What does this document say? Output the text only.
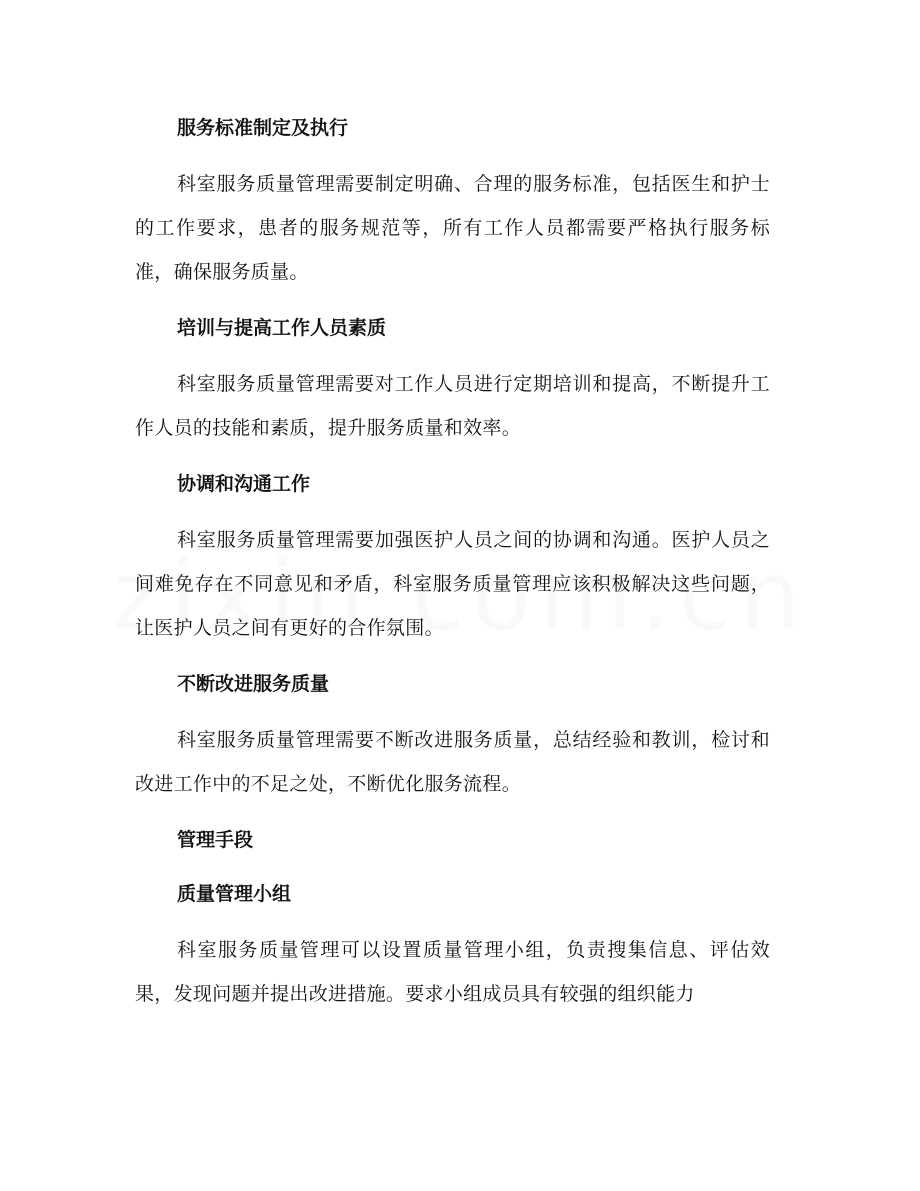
服务标准制定及执行

科室服务质量管理需要制定明确、合理的服务标准，包括医生和护士的工作要求，患者的服务规范等，所有工作人员都需要严格执行服务标准，确保服务质量。

培训与提高工作人员素质

科室服务质量管理需要对工作人员进行定期培训和提高，不断提升工作人员的技能和素质，提升服务质量和效率。

协调和沟通工作

科室服务质量管理需要加强医护人员之间的协调和沟通。医护人员之间难免存在不同意见和矛盾，科室服务质量管理应该积极解决这些问题，让医护人员之间有更好的合作氛围。

不断改进服务质量

科室服务质量管理需要不断改进服务质量，总结经验和教训，检讨和改进工作中的不足之处，不断优化服务流程。

管理手段
质量管理小组

科室服务质量管理可以设置质量管理小组，负责搜集信息、评估效果，发现问题并提出改进措施。要求小组成员具有较强的组织能力
